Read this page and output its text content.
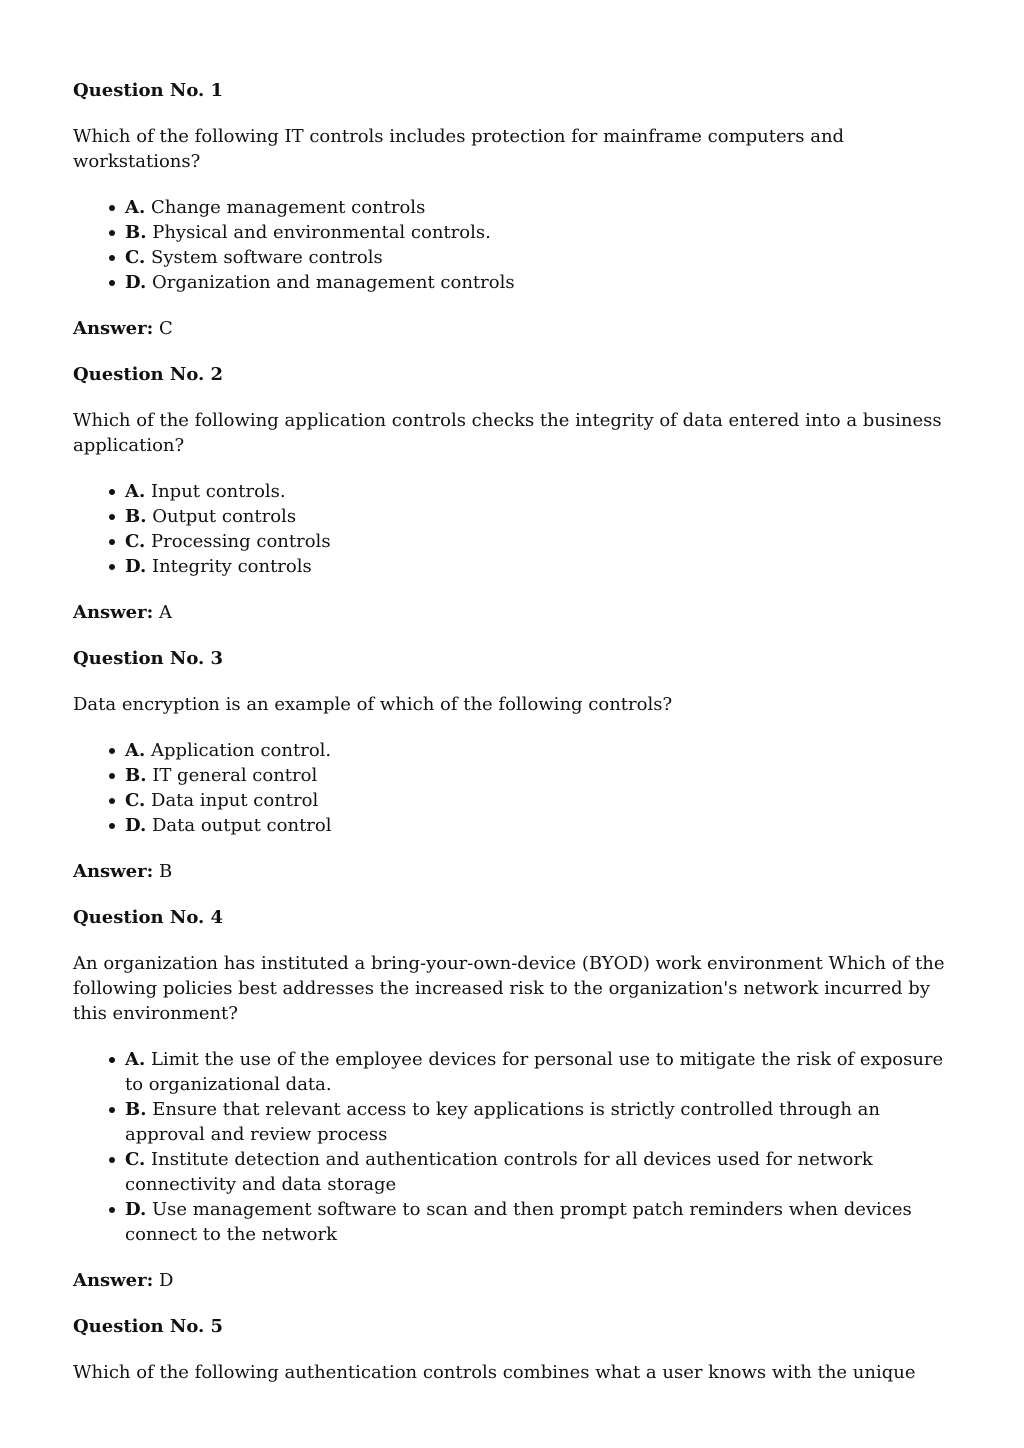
Question No. 1

Which of the following IT controls includes protection for mainframe computers and workstations?

A. Change management controls
B. Physical and environmental controls.
C. System software controls
D. Organization and management controls

Answer: C

Question No. 2

Which of the following application controls checks the integrity of data entered into a business application?

A. Input controls.
B. Output controls
C. Processing controls
D. Integrity controls

Answer: A

Question No. 3

Data encryption is an example of which of the following controls?

A. Application control.
B. IT general control
C. Data input control
D. Data output control

Answer: B

Question No. 4

An organization has instituted a bring-your-own-device (BYOD) work environment Which of the following policies best addresses the increased risk to the organization's network incurred by this environment?

A. Limit the use of the employee devices for personal use to mitigate the risk of exposure to organizational data.
B. Ensure that relevant access to key applications is strictly controlled through an approval and review process
C. Institute detection and authentication controls for all devices used for network connectivity and data storage
D. Use management software to scan and then prompt patch reminders when devices connect to the network

Answer: D

Question No. 5

Which of the following authentication controls combines what a user knows with the unique
